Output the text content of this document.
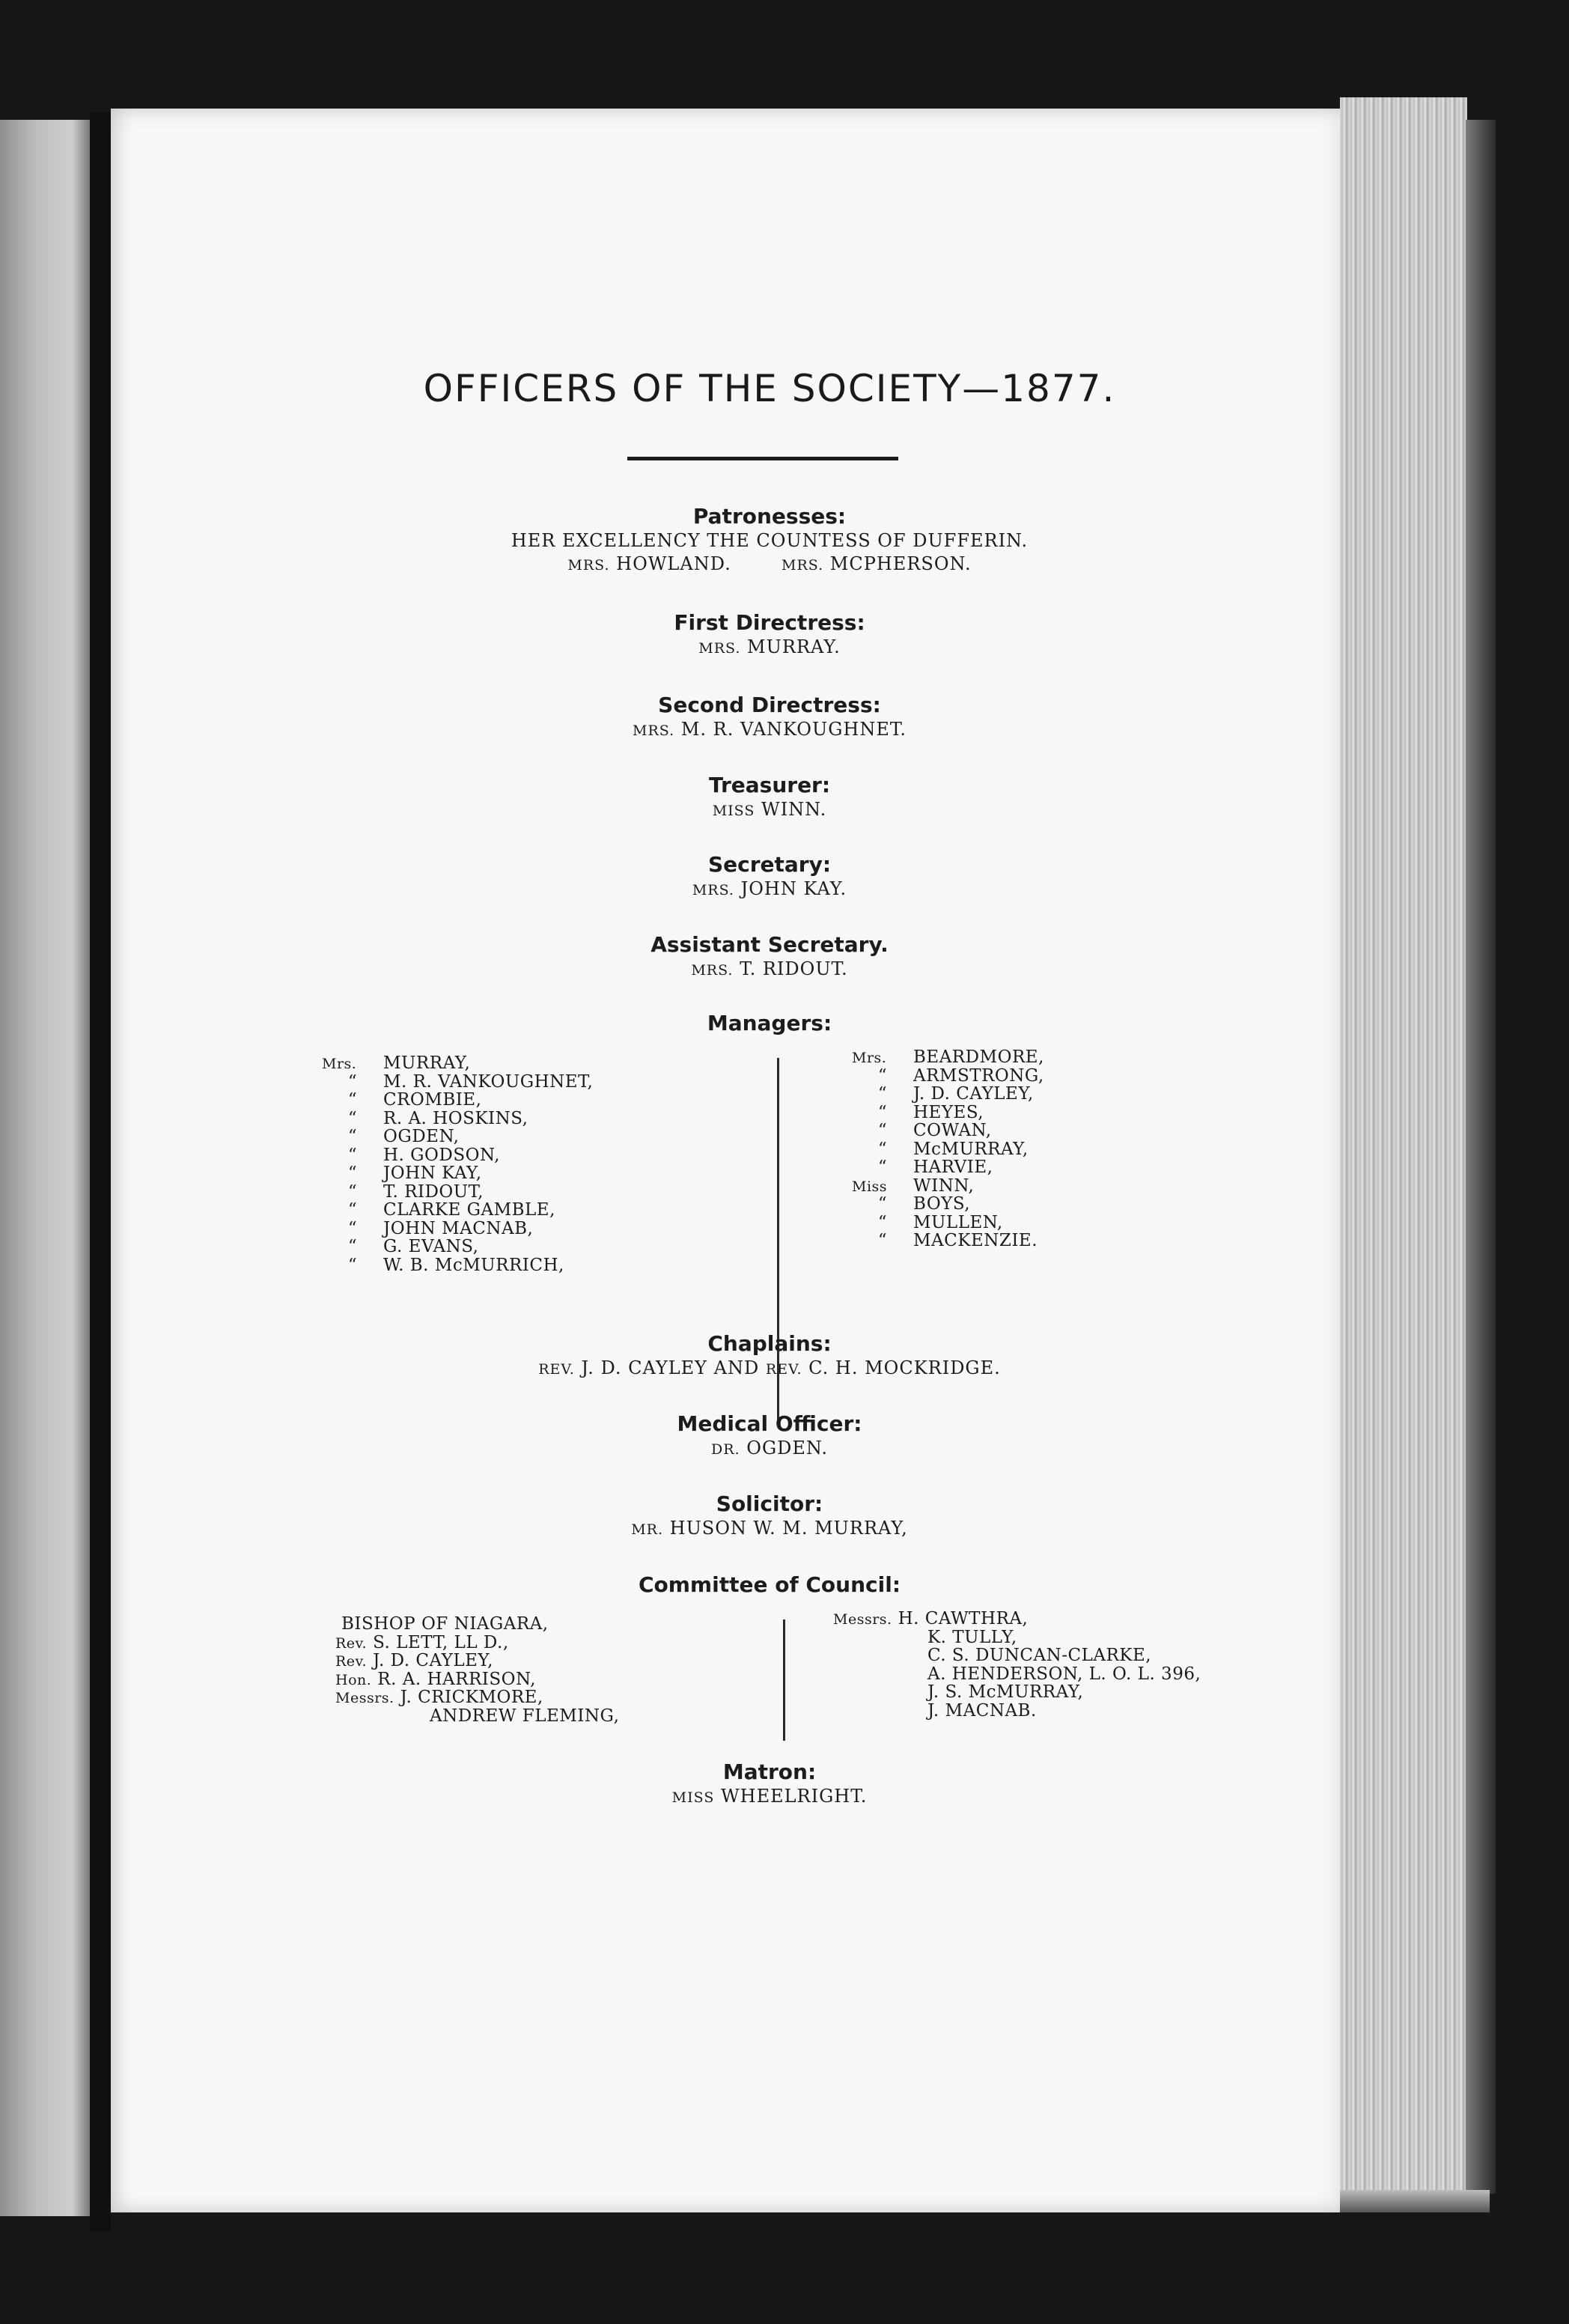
OFFICERS OF THE SOCIETY—1877.
Patronesses:
HER EXCELLENCY THE COUNTESS OF DUFFERIN.
MRS. HOWLAND.	MRS. MCPHERSON.
First Directress:
MRS. MURRAY.
Second Directress:
MRS. M. R. VANKOUGHNET.
Treasurer:
MISS WINN.
Secretary:
MRS. JOHN KAY.
Assistant Secretary.
MRS. T. RIDOUT.
Managers:
Mrs. MURRAY,
“ M. R. VANKOUGHNET,
“ CROMBIE,
“ R. A. HOSKINS,
“ OGDEN,
“ H. GODSON,
“ JOHN KAY,
“ T. RIDOUT,
“ CLARKE GAMBLE,
“ JOHN MACNAB,
“ G. EVANS,
“ W. B. McMURRICH,
Mrs. BEARDMORE,
“ ARMSTRONG,
“ J. D. CAYLEY,
“ HEYES,
“ COWAN,
“ McMURRAY,
“ HARVIE,
Miss WINN,
“ BOYS,
“ MULLEN,
“ MACKENZIE.
Chaplains:
REV. J. D. CAYLEY AND REV. C. H. MOCKRIDGE.
Medical Officer:
DR. OGDEN.
Solicitor:
MR. HUSON W. M. MURRAY,
Committee of Council:
BISHOP OF NIAGARA,
Rev. S. LETT, LL D.,
Rev. J. D. CAYLEY,
Hon. R. A. HARRISON,
Messrs. J. CRICKMORE,
ANDREW FLEMING,
Messrs. H. CAWTHRA,
K. TULLY,
C. S. DUNCAN-CLARKE,
A. HENDERSON, L. O. L. 396,
J. S. McMURRAY,
J. MACNAB.
Matron:
MISS WHEELRIGHT.
